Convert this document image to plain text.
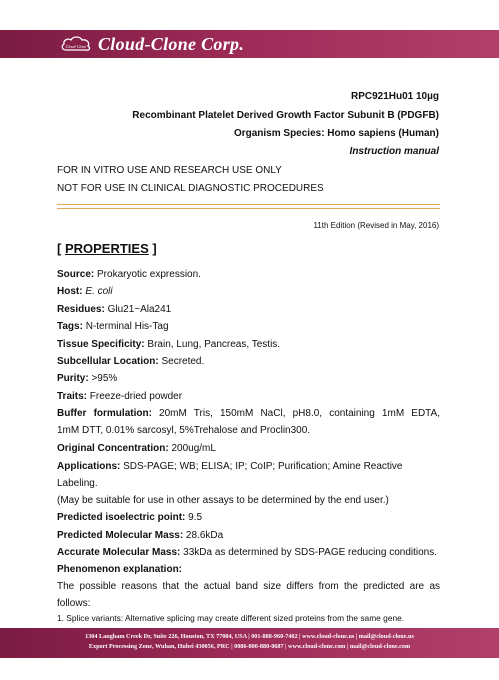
Cloud-Clone Cloud-Clone Corp.
RPC921Hu01 10µg
Recombinant Platelet Derived Growth Factor Subunit B (PDGFB)
Organism Species: Homo sapiens (Human)
Instruction manual
FOR IN VITRO USE AND RESEARCH USE ONLY
NOT FOR USE IN CLINICAL DIAGNOSTIC PROCEDURES
11th Edition (Revised in May, 2016)
[ PROPERTIES ]
Source: Prokaryotic expression.
Host: E. coli
Residues: Glu21~Ala241
Tags: N-terminal His-Tag
Tissue Specificity: Brain, Lung, Pancreas, Testis.
Subcellular Location: Secreted.
Purity: >95%
Traits: Freeze-dried powder
Buffer formulation: 20mM Tris, 150mM NaCl, pH8.0, containing 1mM EDTA,
1mM DTT, 0.01% sarcosyl, 5%Trehalose and Proclin300.
Original Concentration: 200ug/mL
Applications: SDS-PAGE; WB; ELISA; IP; CoIP; Purification; Amine Reactive
Labeling.
(May be suitable for use in other assays to be determined by the end user.)
Predicted isoelectric point: 9.5
Predicted Molecular Mass: 28.6kDa
Accurate Molecular Mass: 33kDa as determined by SDS-PAGE reducing conditions.
Phenomenon explanation:
The possible reasons that the actual band size differs from the predicted are as
follows:
1. Splice variants: Alternative splicing may create different sized proteins from the same gene.
1304 Langham Creek Dr, Suite 226, Houston, TX 77084, USA | 001-888-960-7402 | www.cloud-clone.us | mail@cloud-clone.us
Export Processing Zone, Wuhan, Hubei 430056, PRC | 0086-800-880-0687 | www.cloud-clone.com | mail@cloud-clone.com
